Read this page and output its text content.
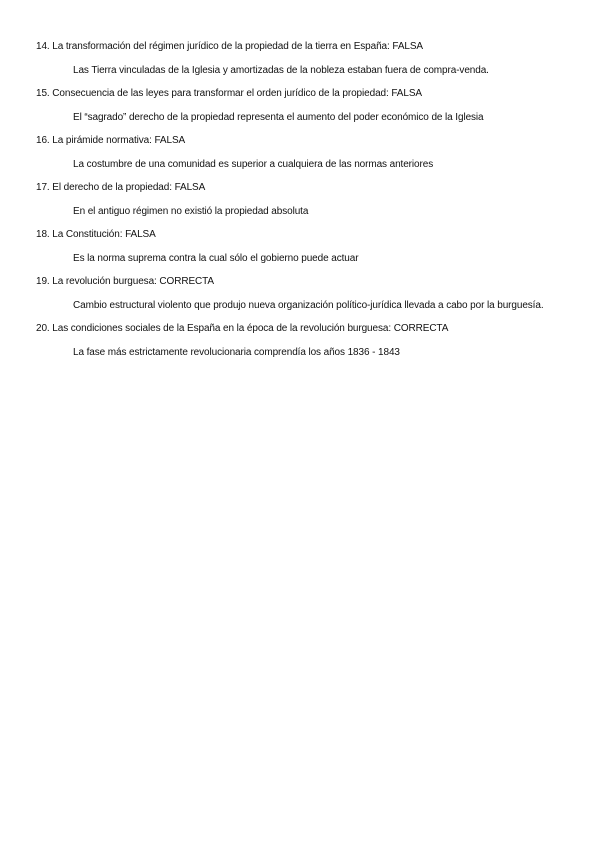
14. La transformación del régimen jurídico de la propiedad de la tierra en España: FALSA
Las Tierra vinculadas de la Iglesia y amortizadas de la nobleza estaban fuera de compra-venda.
15. Consecuencia de las leyes para transformar el orden jurídico de la propiedad: FALSA
El “sagrado” derecho de la propiedad representa el aumento del poder económico de la Iglesia
16. La pirámide normativa: FALSA
La costumbre de una comunidad es superior a cualquiera de las normas anteriores
17. El derecho de la propiedad: FALSA
En el antiguo régimen no existió la propiedad absoluta
18. La Constitución: FALSA
Es la norma suprema contra la cual sólo el gobierno puede actuar
19. La revolución burguesa: CORRECTA
Cambio estructural violento que produjo nueva organización político-jurídica llevada a cabo por la burguesía.
20. Las condiciones sociales de la España en la época de la revolución burguesa: CORRECTA
La fase más estrictamente revolucionaria comprendía los años 1836 - 1843
